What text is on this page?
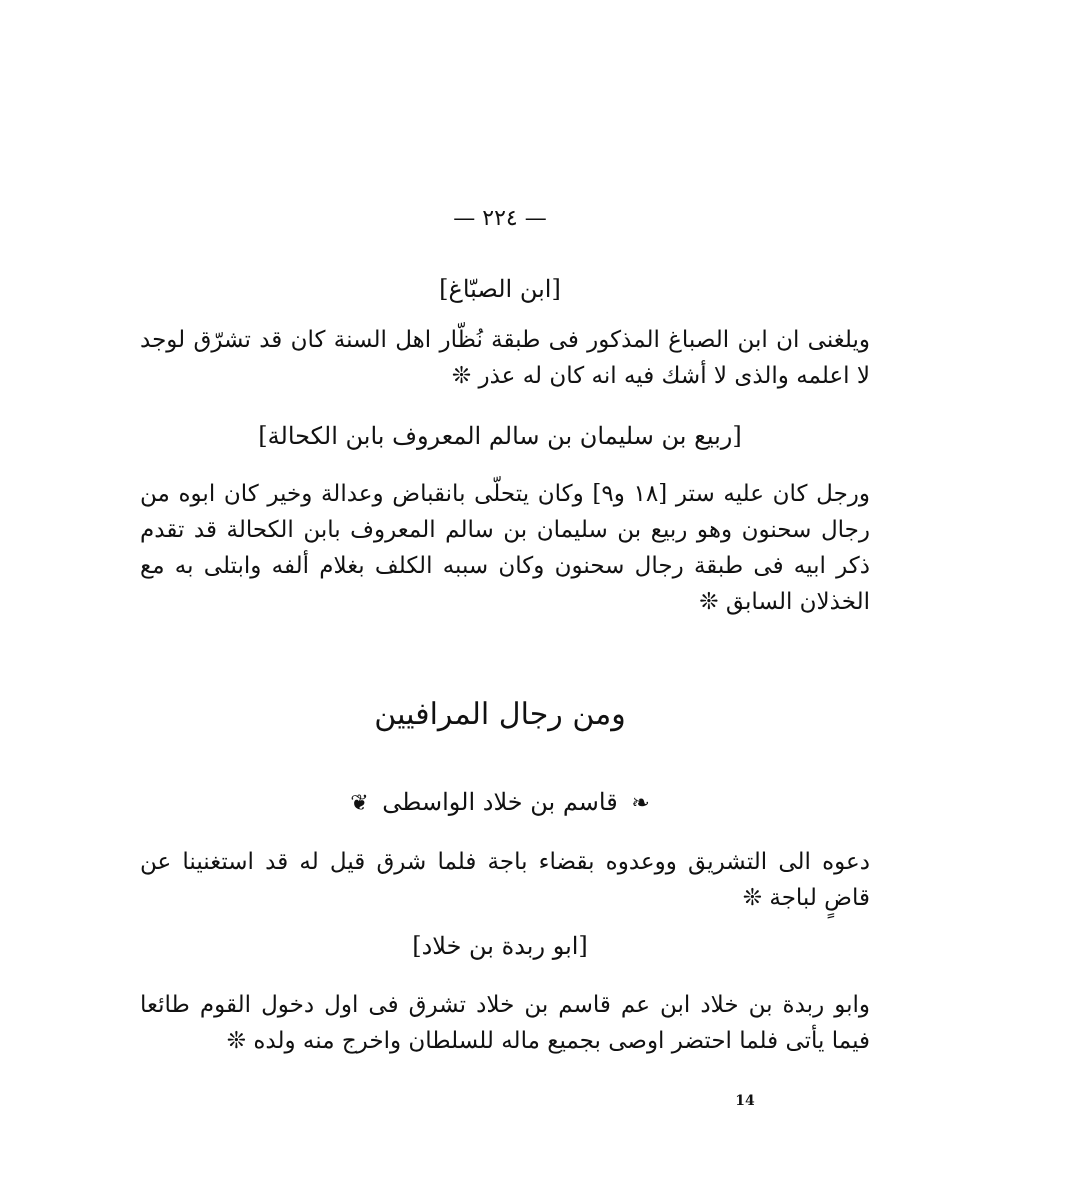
— ٢٢٤ —
[ابن الصبّاغ]
ويلغنى ان ابن الصباغ المذكور فى طبقة نُظّار اهل السنة كان قد تشرّق لوجد لا اعلمه والذى لا أشك فيه انه كان له عذر ❊
[ربيع بن سليمان بن سالم المعروف بابن الكحالة]
ورجل كان عليه ستر [١٨ و٩] وكان يتحلّى بانقباض وعدالة وخير كان ابوه من رجال سحنون وهو ربيع بن سليمان بن سالم المعروف بابن الكحالة قد تقدم ذكر ابيه فى طبقة رجال سحنون وكان سببه الكلف بغلام ألفه وابتلى به مع الخذلان السابق ❊
ومن رجال المرافيين
❧ قاسم بن خلاد الواسطى ❦
دعوه الى التشريق ووعدوه بقضاء باجة فلما شرق قيل له قد استغنينا عن قاضٍ لباجة ❊
[ابو ربدة بن خلاد]
وابو ربدة بن خلاد ابن عم قاسم بن خلاد تشرق فى اول دخول القوم طائعا فيما يأتى فلما احتضر اوصى بجميع ماله للسلطان واخرج منه ولده ❊
14
